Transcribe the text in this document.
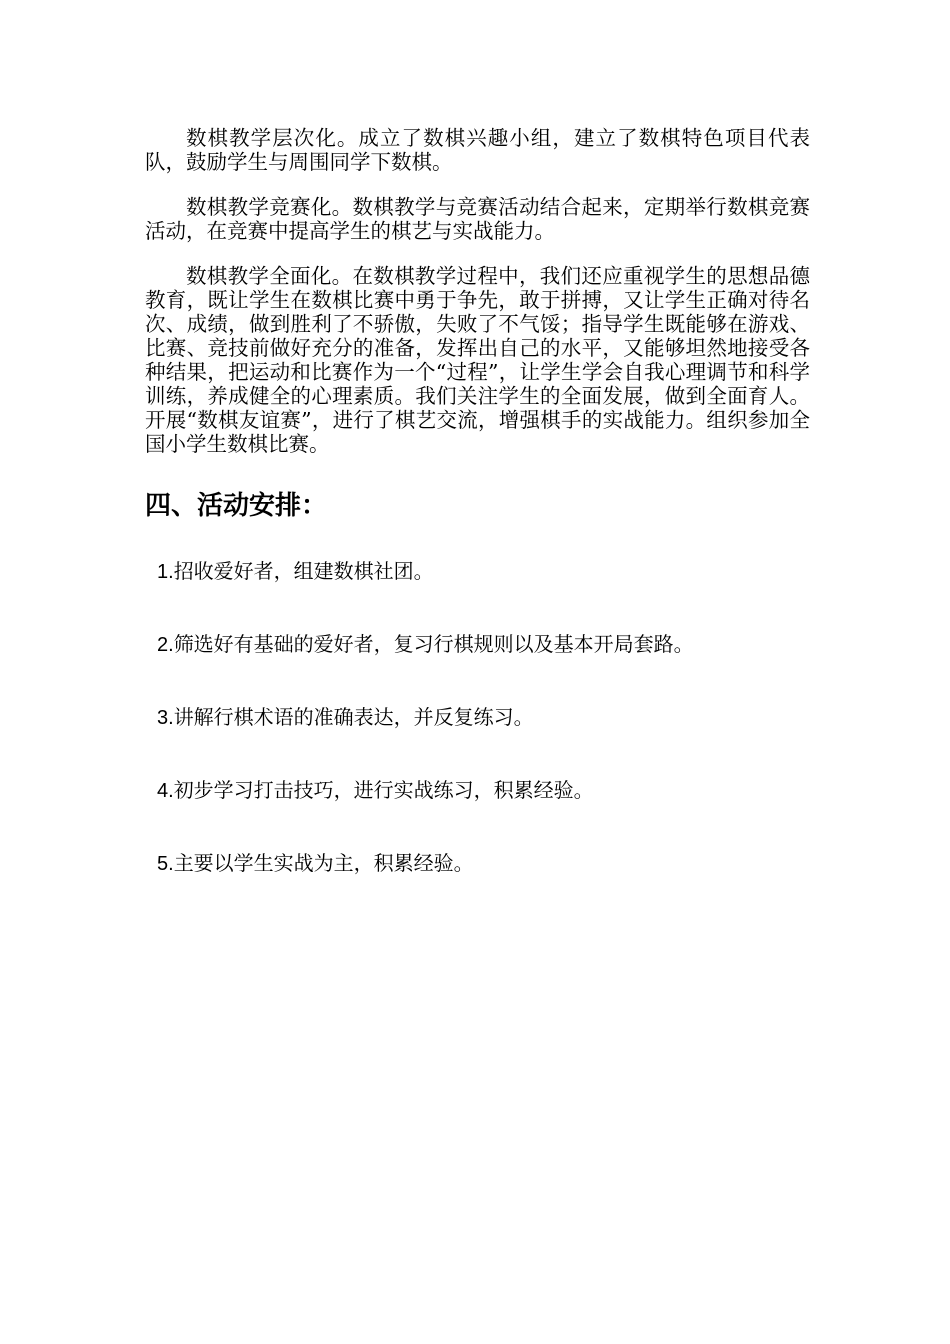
数棋教学层次化。成立了数棋兴趣小组，建立了数棋特色项目代表队，鼓励学生与周围同学下数棋。

数棋教学竞赛化。数棋教学与竞赛活动结合起来，定期举行数棋竞赛活动，在竞赛中提高学生的棋艺与实战能力。

数棋教学全面化。在数棋教学过程中，我们还应重视学生的思想品德教育，既让学生在数棋比赛中勇于争先，敢于拼搏，又让学生正确对待名次、成绩，做到胜利了不骄傲，失败了不气馁；指导学生既能够在游戏、比赛、竞技前做好充分的准备，发挥出自己的水平，又能够坦然地接受各种结果，把运动和比赛作为一个“过程”，让学生学会自我心理调节和科学训练，养成健全的心理素质。我们关注学生的全面发展，做到全面育人。开展“数棋友谊赛”，进行了棋艺交流，增强棋手的实战能力。组织参加全国小学生数棋比赛。

四、活动安排：
1. 招收爱好者，组建数棋社团。
2. 筛选好有基础的爱好者，复习行棋规则以及基本开局套路。
3. 讲解行棋术语的准确表达，并反复练习。
4. 初步学习打击技巧，进行实战练习，积累经验。
5. 主要以学生实战为主，积累经验。
